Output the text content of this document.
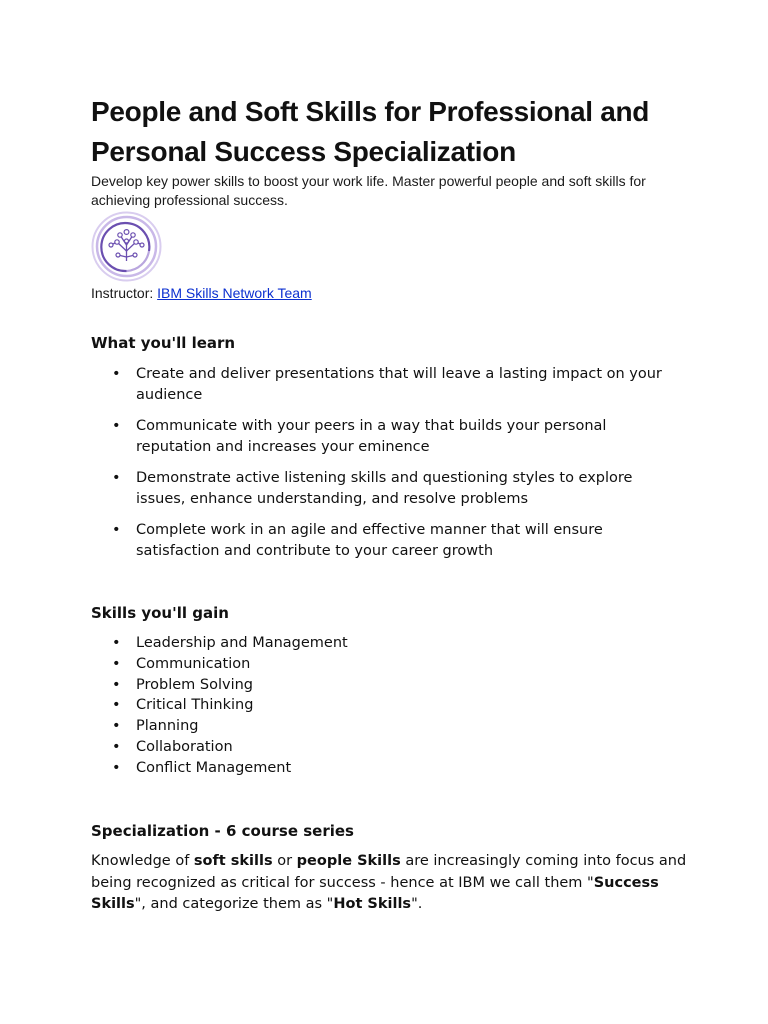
People and Soft Skills for Professional and Personal Success Specialization

Develop key power skills to boost your work life. Master powerful people and soft skills for achieving professional success.

Instructor: IBM Skills Network Team

What you'll learn
• Create and deliver presentations that will leave a lasting impact on your audience
• Communicate with your peers in a way that builds your personal reputation and increases your eminence
• Demonstrate active listening skills and questioning styles to explore issues, enhance understanding, and resolve problems
• Complete work in an agile and effective manner that will ensure satisfaction and contribute to your career growth
Skills you'll gain
• Leadership and Management
• Communication
• Problem Solving
• Critical Thinking
• Planning
• Collaboration
• Conflict Management
Specialization - 6 course series

Knowledge of soft skills or people Skills are increasingly coming into focus and being recognized as critical for success - hence at IBM we call them "Success Skills", and categorize them as "Hot Skills".
